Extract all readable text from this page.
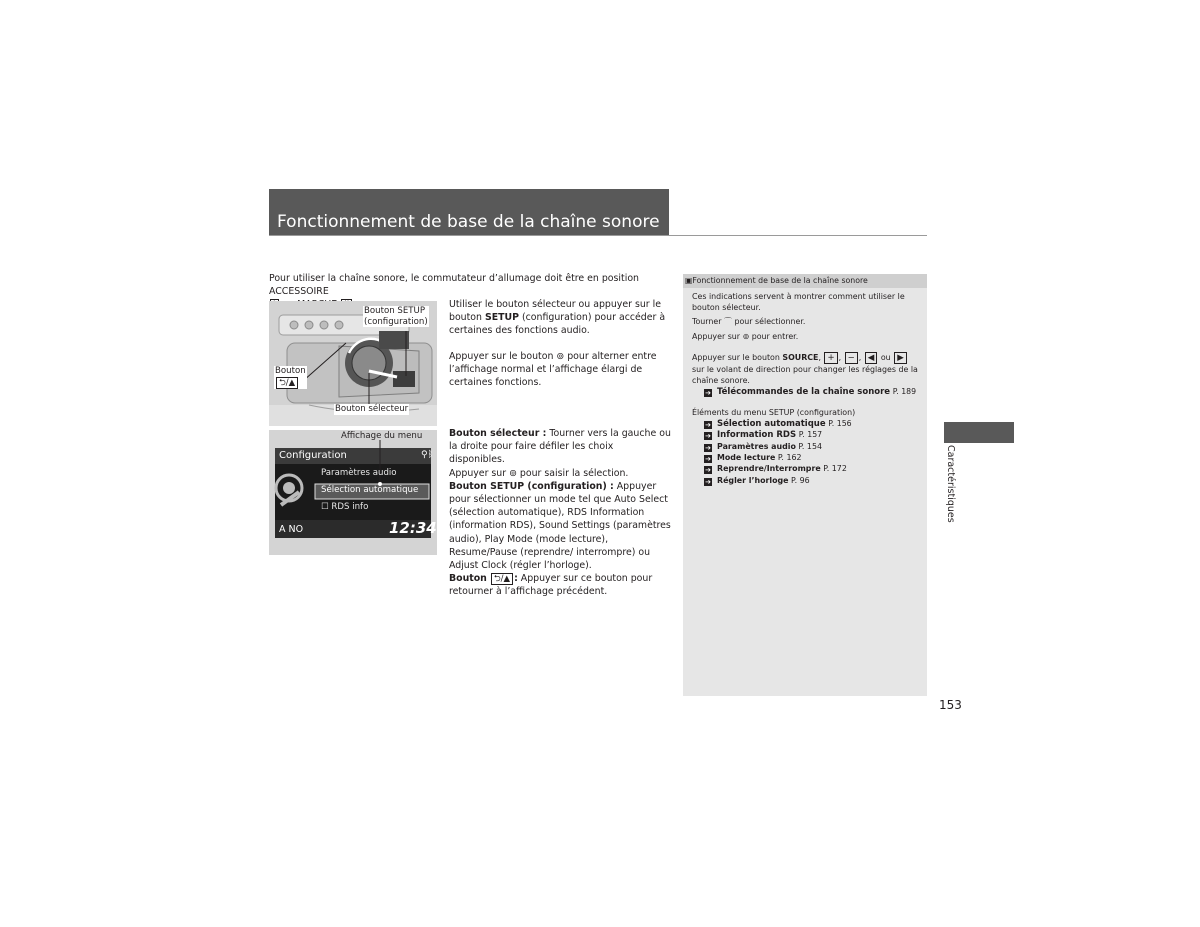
Fonctionnement de base de la chaîne sonore
Pour utiliser la chaîne sonore, le commutateur d’allumage doit être en position ACCESSOIRE

Bouton SETUP
(configuration)
Bouton
⮌/▲
Bouton sélecteur
Affichage du menu
Configuration	⚲ᛒ
Paramètres audio
Sélection automatique
☐ RDS info
A NO	12:34
Utiliser le bouton sélecteur ou appuyer sur le bouton SETUP (configuration) pour accéder à certaines des fonctions audio.
Appuyer sur le bouton ⊚ pour alterner entre l’affichage normal et l’affichage élargi de certaines fonctions.
Bouton sélecteur : Tourner vers la gauche ou la droite pour faire défiler les choix disponibles.
Appuyer sur ⊚ pour saisir la sélection.
Bouton SETUP (configuration) : Appuyer pour sélectionner un mode tel que Auto Select (sélection automatique), RDS Information (information RDS), Sound Settings (paramètres audio), Play Mode (mode lecture), Resume/Pause (reprendre/ interrompre) ou Adjust Clock (régler l’horloge).
Bouton ⮌/▲ : Appuyer sur ce bouton pour retourner à l’affichage précédent.
▣Fonctionnement de base de la chaîne sonore
Ces indications servent à montrer comment utiliser le bouton sélecteur.
Tourner ⌒ pour sélectionner.
Appuyer sur ⊚ pour entrer.
Appuyer sur le bouton SOURCE, + , − , ◀ ou ▶ sur le volant de direction pour changer les réglages de la chaîne sonore.
➔ Télécommandes de la chaîne sonore P. 189
Éléments du menu SETUP (configuration)
➔ Sélection automatique P. 156
➔ Information RDS P. 157
➔ Paramètres audio P. 154
➔ Mode lecture P. 162
➔ Reprendre/Interrompre P. 172
➔ Régler l’horloge P. 96	Caractéristiques
153
